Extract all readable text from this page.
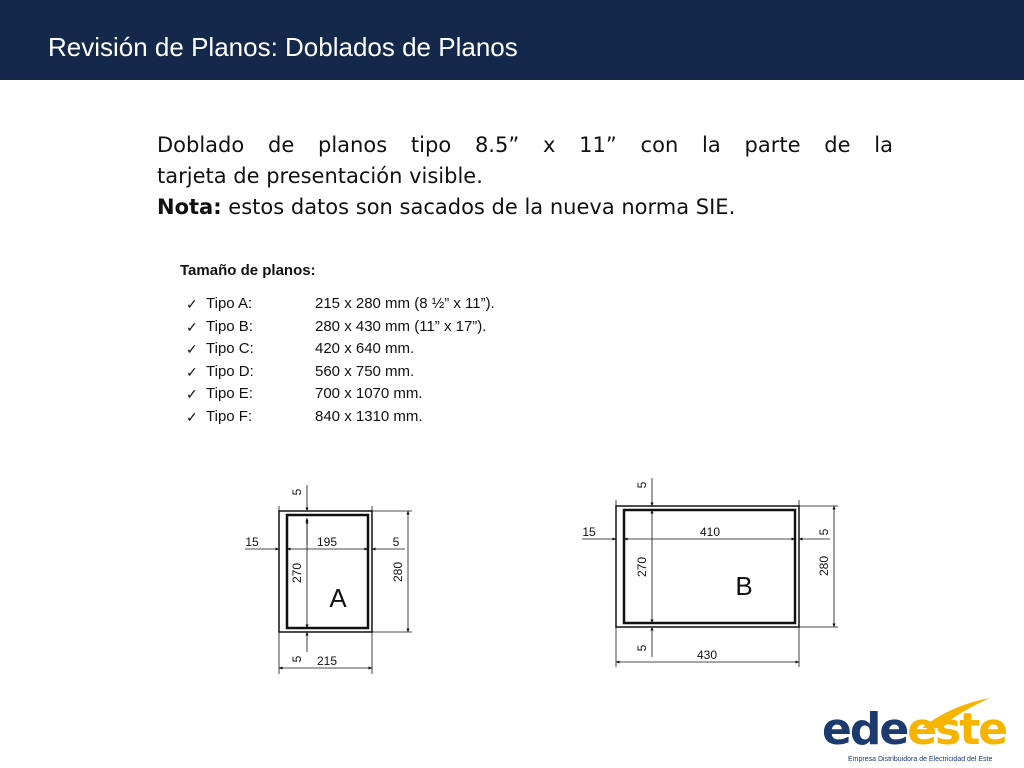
Revisión de Planos: Doblados de Planos
Doblado de planos tipo 8.5” x 11” con la parte de la
tarjeta de presentación visible.
Nota: estos datos son sacados de la nueva norma SIE.
Tamaño de planos:
✓ Tipo A:	215 x 280 mm (8 ½” x 11”).
✓ Tipo B:	280 x 430 mm (11” x 17”).
✓ Tipo C:	420 x 640 mm.
✓ Tipo D:	560 x 750 mm.
✓ Tipo E:	700 x 1070 mm.
✓ Tipo F:	840 x 1310 mm.
A
5
15	195	5
270	280
5 215
B
5
15	410	5
270	280
5	430
edeeste
Empresa Distribuidora de Electricidad del Este
